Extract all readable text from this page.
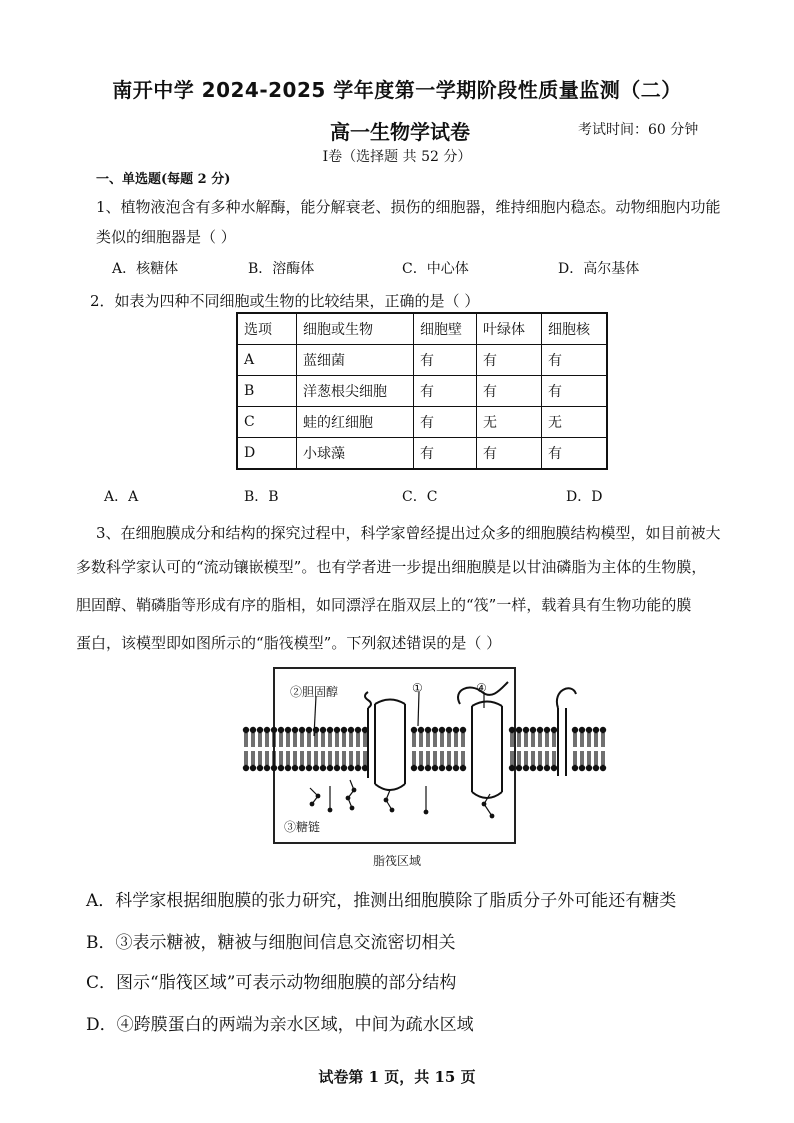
南开中学 2024-2025 学年度第一学期阶段性质量监测（二）
高一生物学试卷	考试时间：60 分钟
Ⅰ卷（选择题 共 52 分）
一、单选题(每题 2 分)
1、植物液泡含有多种水解酶，能分解衰老、损伤的细胞器，维持细胞内稳态。动物细胞内功能
类似的细胞器是（ ）
A．核糖体	B．溶酶体	C．中心体	D．高尔基体
2．如表为四种不同细胞或生物的比较结果，正确的是（ ）
选项	细胞或生物	细胞壁	叶绿体	细胞核
A	蓝细菌	有	有	有
B	洋葱根尖细胞	有	有	有
C	蛙的红细胞	有	无	无
D	小球藻	有	有	有
A．A	B．B	C．C	D．D
3、在细胞膜成分和结构的探究过程中，科学家曾经提出过众多的细胞膜结构模型，如目前被大
多数科学家认可的“流动镶嵌模型”。也有学者进一步提出细胞膜是以甘油磷脂为主体的生物膜，
胆固醇、鞘磷脂等形成有序的脂相，如同漂浮在脂双层上的“筏”一样，载着具有生物功能的膜
蛋白，该模型即如图所示的“脂筏模型”。下列叙述错误的是（ ）
②胆固醇	①	④
③糖链
脂筏区域
A．科学家根据细胞膜的张力研究，推测出细胞膜除了脂质分子外可能还有糖类
B．③表示糖被，糖被与细胞间信息交流密切相关
C．图示“脂筏区域”可表示动物细胞膜的部分结构
D．④跨膜蛋白的两端为亲水区域，中间为疏水区域
试卷第 1 页，共 15 页
